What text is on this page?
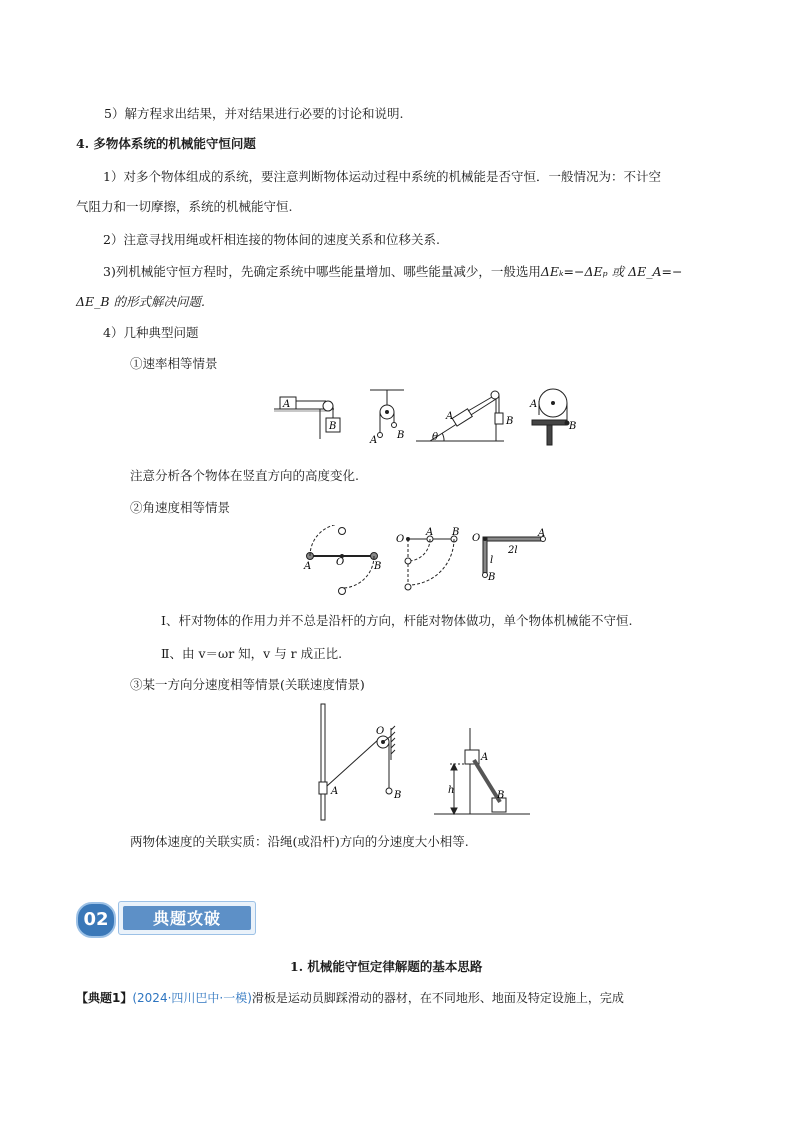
5）解方程求出结果，并对结果进行必要的讨论和说明.
4. 多物体系统的机械能守恒问题
1）对多个物体组成的系统，要注意判断物体运动过程中系统的机械能是否守恒．一般情况为：不计空
气阻力和一切摩擦，系统的机械能守恒.
2）注意寻找用绳或杆相连接的物体间的速度关系和位移关系.
3)列机械能守恒方程时，先确定系统中哪些能量增加、哪些能量减少，一般选用ΔEₖ=−ΔEₚ 或 ΔE_A=−
ΔE_B 的形式解决问题.
4）几种典型问题
①速率相等情景
A
B
A B
A	B
θ
A
B
注意分析各个物体在竖直方向的高度变化.
②角速度相等情景
A O	B
O
A B
O	A
2l
l
B
Ⅰ、杆对物体的作用力并不总是沿杆的方向，杆能对物体做功，单个物体机械能不守恒.
Ⅱ、由 v＝ωr 知，v 与 r 成正比.
③某一方向分速度相等情景(关联速度情景)
A
O
B
A
B
h
两物体速度的关联实质：沿绳(或沿杆)方向的分速度大小相等.
02	典题攻破
1. 机械能守恒定律解题的基本思路
【典题1】(2024·四川巴中·一模)滑板是运动员脚踩滑动的器材，在不同地形、地面及特定设施上，完成
